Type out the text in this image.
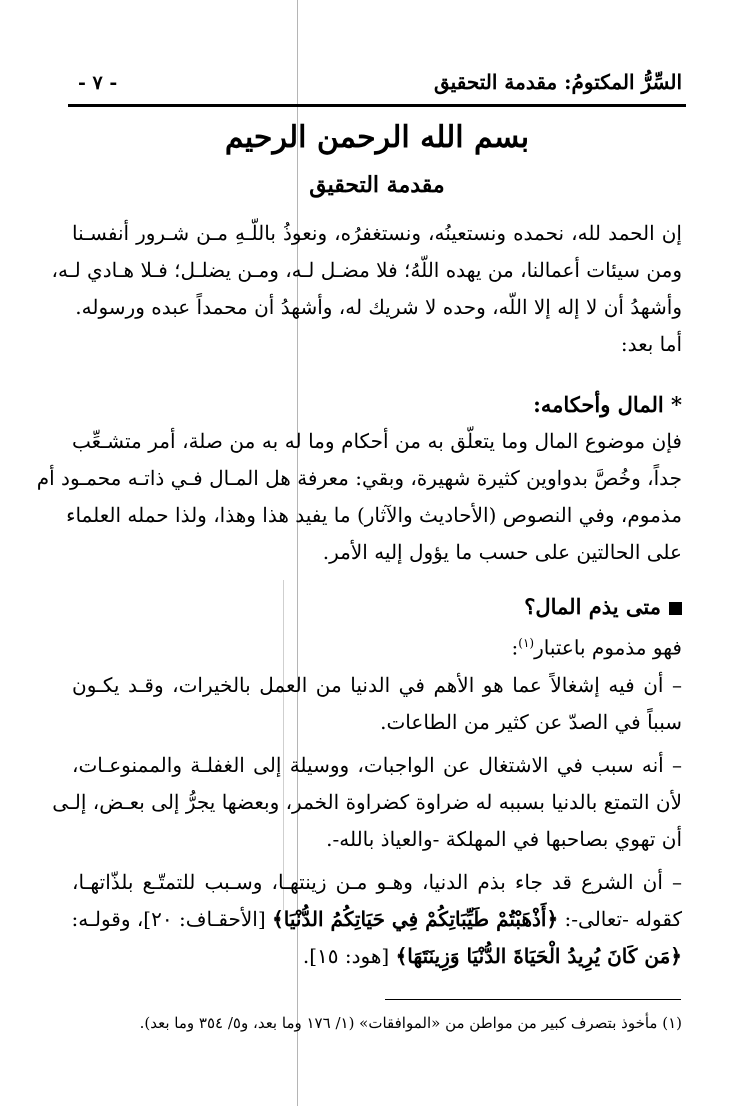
السِّرُّ المكتومُ: مقدمة التحقيق
- ٧ -
بسم الله الرحمن الرحيم
مقدمة التحقيق
إن الحمد لله، نحمده ونستعينُه، ونستغفرُه، ونعوذُ باللّـهِ مـن شـرور أنفسـنا
ومن سيئات أعمالنا، من يهده اللّهُ؛ فلا مضـل لـه، ومـن يضلـل؛ فـلا هـادي لـه،
وأشهدُ أن لا إله إلا اللّه، وحده لا شريك له، وأشهدُ أن محمداً عبده ورسوله.
أما بعد:
* المال وأحكامه:
فإن موضوع المال وما يتعلّق به من أحكام وما له به من صلة، أمر متشـعِّب
جداً، وخُصَّ بدواوين كثيرة شهيرة، وبقي: معرفة هل المـال فـي ذاتـه محمـود أم
مذموم، وفي النصوص (الأحاديث والآثار) ما يفيد هذا وهذا، ولذا حمله العلماء
على الحالتين على حسب ما يؤول إليه الأمر.
متى يذم المال؟
فهو مذموم باعتبار$^{(١)}$:
– أن فيه إشغالاً عما هو الأهم في الدنيا من العمل بالخيرات، وقـد يكـون
سبباً في الصدّ عن كثير من الطاعات.
– أنه سبب في الاشتغال عن الواجبات، ووسيلة إلى الغفلـة والممنوعـات،
لأن التمتع بالدنيا بسببه له ضراوة كضراوة الخمر، وبعضها يجرُّ إلى بعـض، إلـى
أن تهوي بصاحبها في المهلكة -والعياذ بالله-.
– أن الشرع قد جاء بذم الدنيا، وهـو مـن زينتهـا، وسـبب للتمتّـع بلذّاتهـا،
كقوله -تعالى-: ﴿أَذْهَبْتُمْ طَيِّبَاتِكُمْ فِي حَيَاتِكُمُ الدُّنْيَا﴾ [الأحقـاف: ٢٠]، وقولـه:
﴿مَن كَانَ يُرِيدُ الْحَيَاةَ الدُّنْيَا وَزِينَتَهَا﴾ [هود: ١٥].
(١) مأخوذ بتصرف كبير من مواطن من «الموافقات» (١/ ١٧٦ وما بعد، و٥/ ٣٥٤ وما بعد).
